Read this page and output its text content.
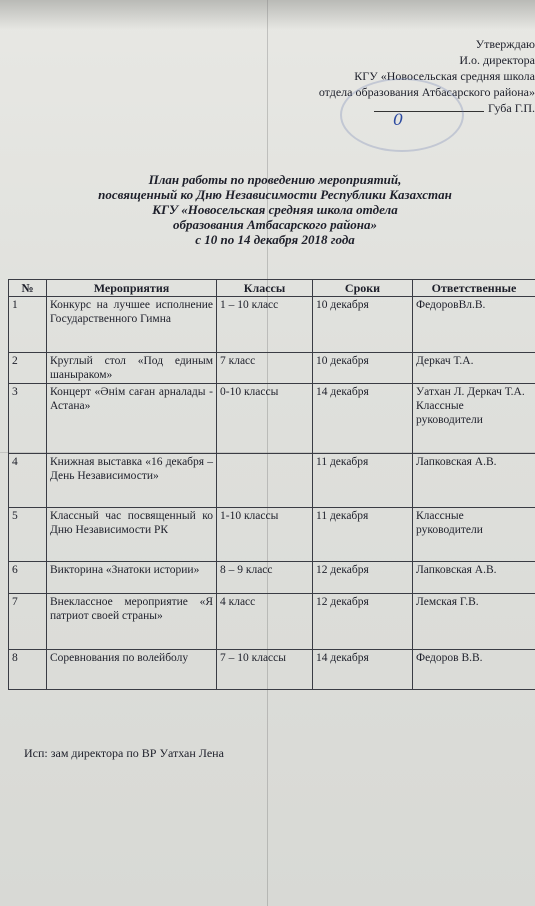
Утверждаю
И.о. директора
КГУ «Новосельская средняя школа
отдела образования Атбасарского района»
Губа Г.П.
0
План работы по проведению мероприятий,
посвященный ко Дню Независимости Республики Казахстан
КГУ «Новосельская средняя школа отдела
образования Атбасарского района»
с 10 по 14 декабря 2018 года
№	Мероприятия	Классы	Сроки	Ответственные
1	Конкурс на лучшее исполнение Государственного Гимна	1 – 10 класс	10 декабря	ФедоровВл.В.
2	Круглый стол «Под единым шаныраком»	7 класс	10 декабря	Деркач Т.А.
3	Концерт «Әнім саған арналады - Астана»	0-10 классы	14 декабря	Уатхан Л. Деркач Т.А. Классные руководители
4	Книжная выставка «16 декабря – День Независимости»		11 декабря	Лапковская А.В.
5	Классный час посвященный ко Дню Независимости РК	1-10 классы	11 декабря	Классные руководители
6	Викторина «Знатоки истории»	8 – 9 класс	12 декабря	Лапковская А.В.
7	Внеклассное мероприятие «Я патриот своей страны»	4 класс	12 декабря	Лемская Г.В.
8	Соревнования по волейболу	7 – 10 классы	14 декабря	Федоров В.В.
Исп: зам директора по ВР Уатхан Лена
